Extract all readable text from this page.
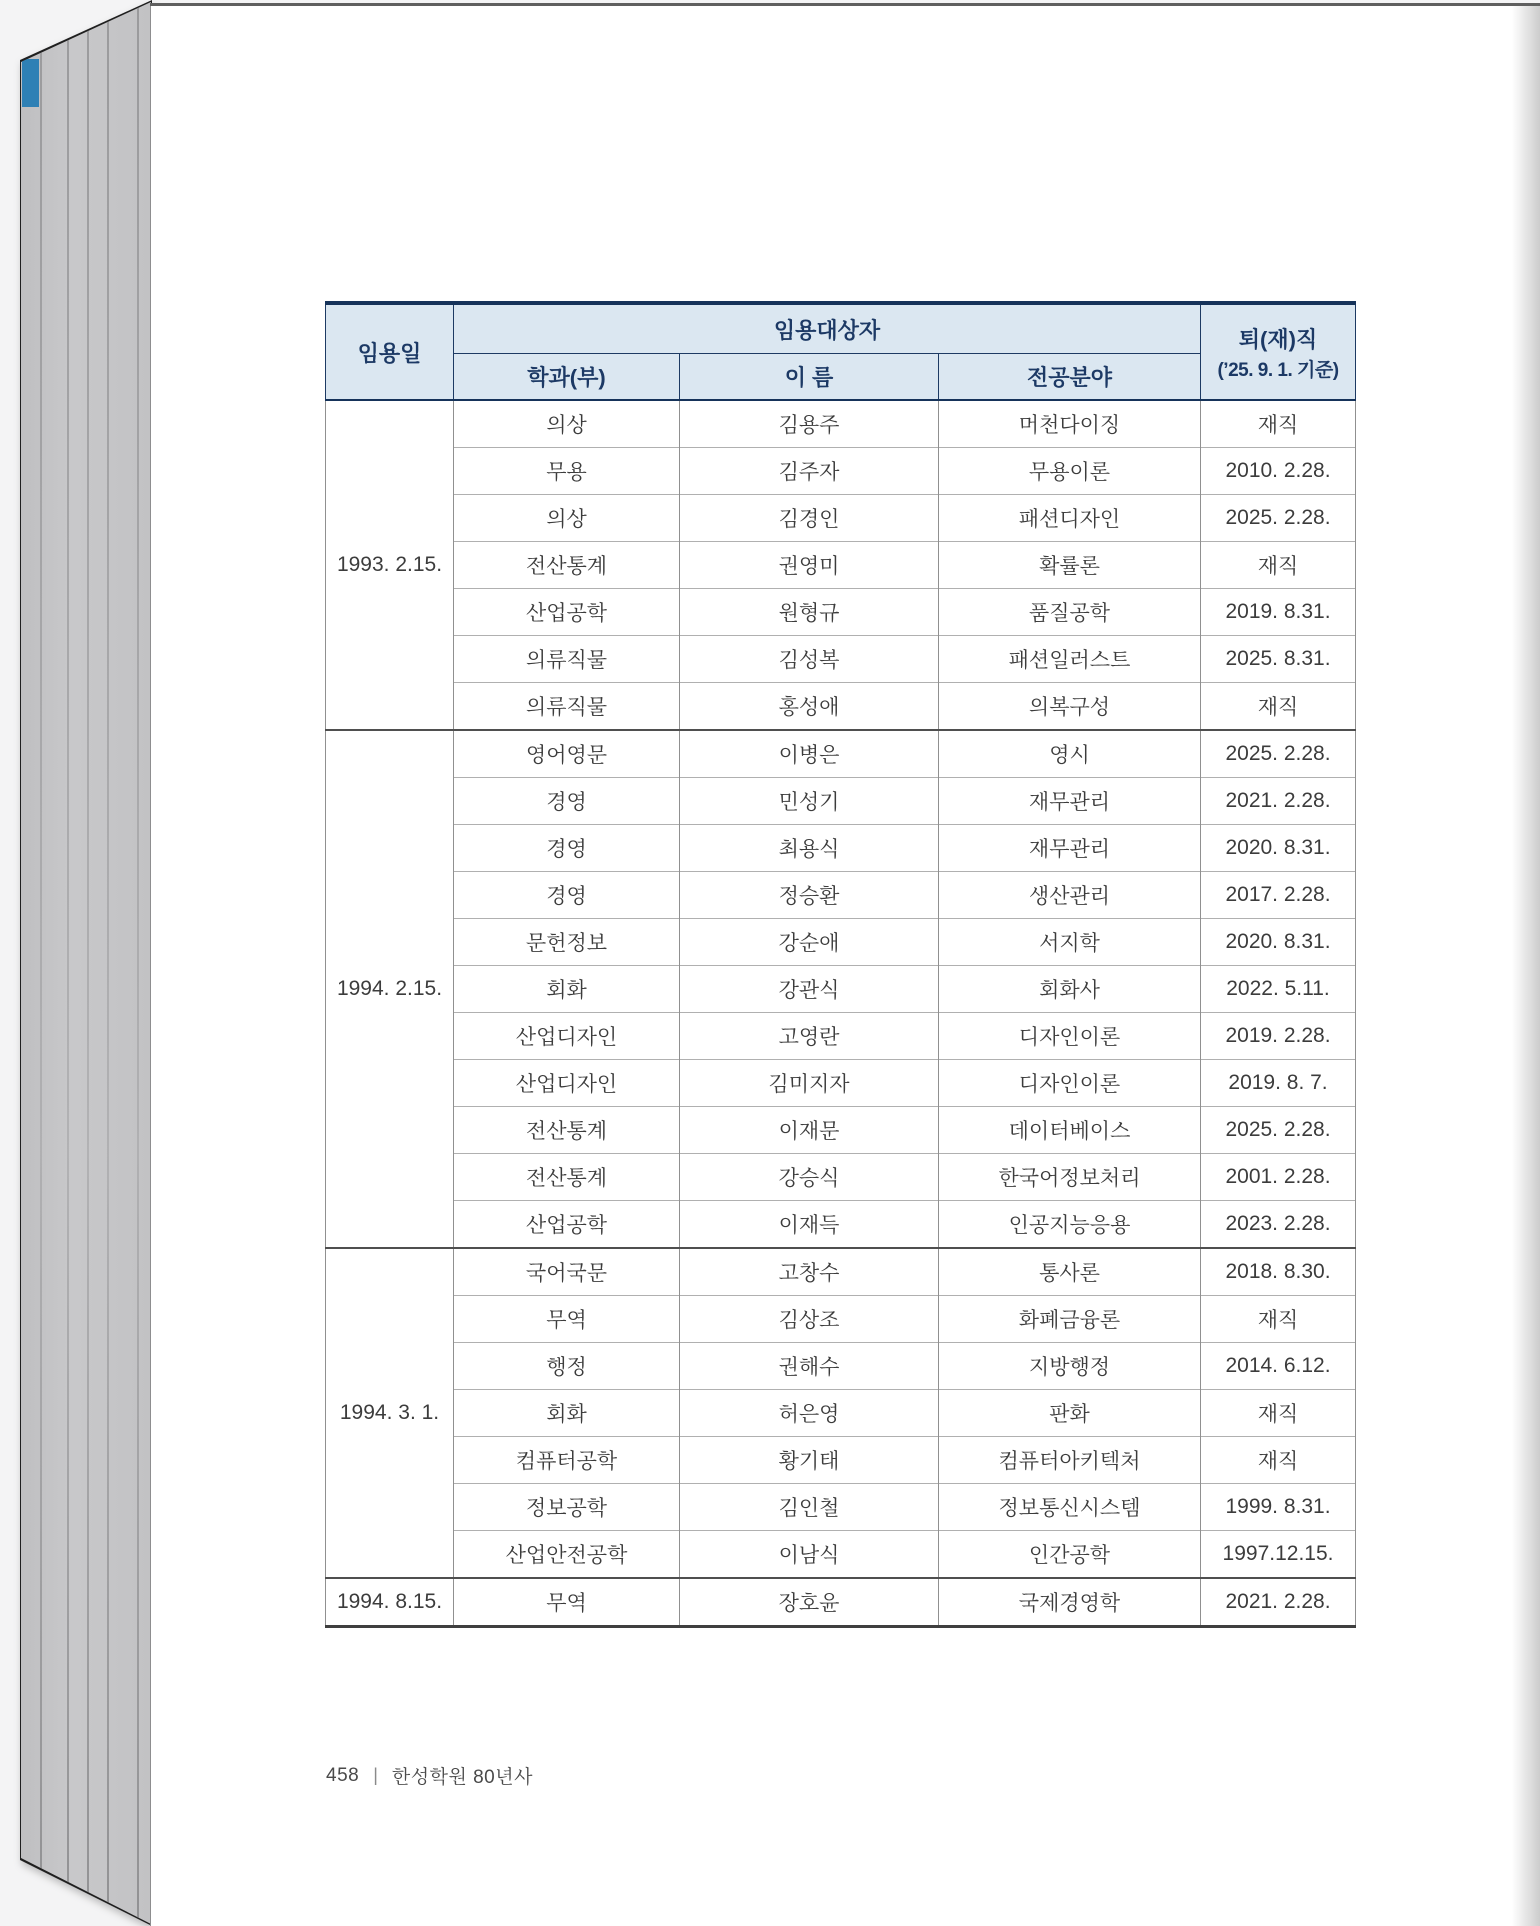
임용일	임용대상자			퇴(재)직
(’25. 9. 1. 기준)

	학과(부)	이 름	전공분야	
1993. 2.15.	의상	김용주	머천다이징	재직
	무용	김주자	무용이론	2010. 2.28.
	의상	김경인	패션디자인	2025. 2.28.
	전산통계	권영미	확률론	재직
	산업공학	원형규	품질공학	2019. 8.31.
	의류직물	김성복	패션일러스트	2025. 8.31.
	의류직물	홍성애	의복구성	재직
1994. 2.15.	영어영문	이병은	영시	2025. 2.28.
	경영	민성기	재무관리	2021. 2.28.
	경영	최용식	재무관리	2020. 8.31.
	경영	정승환	생산관리	2017. 2.28.
	문헌정보	강순애	서지학	2020. 8.31.
	회화	강관식	회화사	2022. 5.11.
	산업디자인	고영란	디자인이론	2019. 2.28.
	산업디자인	김미지자	디자인이론	2019. 8. 7.
	전산통계	이재문	데이터베이스	2025. 2.28.
	전산통계	강승식	한국어정보처리	2001. 2.28.
	산업공학	이재득	인공지능응용	2023. 2.28.
1994. 3. 1.	국어국문	고창수	통사론	2018. 8.30.
	무역	김상조	화폐금융론	재직
	행정	권해수	지방행정	2014. 6.12.
	회화	허은영	판화	재직
	컴퓨터공학	황기태	컴퓨터아키텍처	재직
	정보공학	김인철	정보통신시스템	1999. 8.31.
	산업안전공학	이남식	인간공학	1997.12.15.
1994. 8.15.	무역	장호윤	국제경영학	2021. 2.28.
458 | 한성학원 80년사
